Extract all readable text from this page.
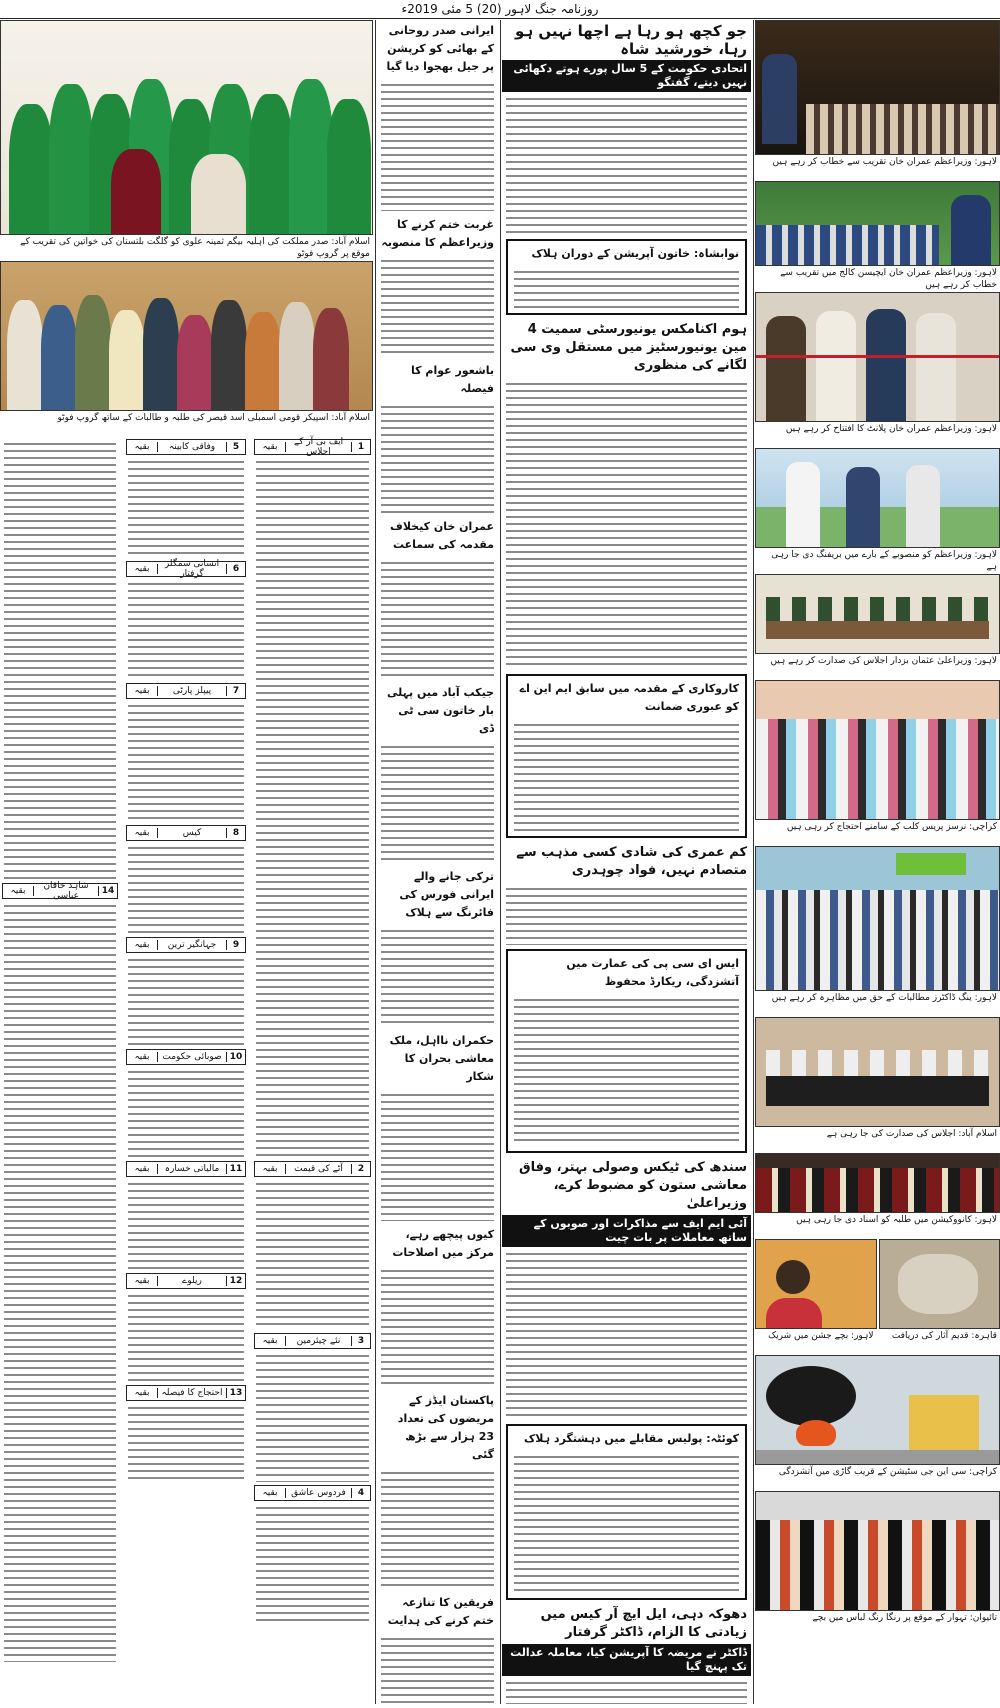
روزنامہ جنگ لاہور (20) 5 مئی 2019ء
اسلام آباد: صدر مملکت کی اہلیہ بیگم ثمینہ علوی کو گلگت بلتستان کی خواتین کی تقریب کے موقع پر گروپ فوٹو
اسلام آباد: اسپیکر قومی اسمبلی اسد قیصر کی طلبہ و طالبات کے ساتھ گروپ فوٹو
14
شاہد خاقان عباسی
بقیہ
5
وفاقی کابینہ
بقیہ
6
انسانی سمگلر گرفتار
بقیہ
7
پیپلز پارٹی
بقیہ
8
کیس
بقیہ
9
جہانگیر ترین
بقیہ
10
صوبائی حکومت
بقیہ
11
مالیاتی خسارہ
بقیہ
12
ریلوے
بقیہ
13
احتجاج کا فیصلہ
بقیہ
1
ایف بی آر کے اجلاس
بقیہ
2
آٹے کی قیمت
بقیہ
3
نئے چیئرمین
بقیہ
4
فردوس عاشق
بقیہ
ایرانی صدر روحانی کے بھائی کو کرپشن پر جیل بھجوا دیا گیا
غربت ختم کرنے کا وزیراعظم کا منصوبہ
باشعور عوام کا فیصلہ
عمران خان کیخلاف مقدمہ کی سماعت
جیکب آباد میں پہلی بار خاتون سی ٹی ڈی
ترکی جانے والے ایرانی فورس کی فائرنگ سے ہلاک
حکمران نااہل، ملک معاشی بحران کا شکار
کیوں پیچھے رہے، مرکز میں اصلاحات
پاکستان ایڈز کے مریضوں کی تعداد 23 ہزار سے بڑھ گئی
فریقین کا تنازعہ ختم کرنے کی ہدایت
جو کچھ ہو رہا ہے اچھا نہیں ہو رہا، خورشید شاہ
اتحادی حکومت کے 5 سال پورے ہوتے دکھائی نہیں دیتے، گفتگو
نوابشاہ: خاتون آپریشن کے دوران ہلاک
ہوم اکنامکس یونیورسٹی سمیت 4 مین یونیورسٹیز میں مستقل وی سی لگانے کی منظوری
کاروکاری کے مقدمہ میں سابق ایم این اے کو عبوری ضمانت
کم عمری کی شادی کسی مذہب سے متصادم نہیں، فواد چوہدری
ایس ای سی پی کی عمارت میں آتشزدگی، ریکارڈ محفوظ
سندھ کی ٹیکس وصولی بہتر، وفاق معاشی ستون کو مضبوط کرے، وزیراعلیٰ
آئی ایم ایف سے مذاکرات اور صوبوں کے ساتھ معاملات پر بات چیت
کوئٹہ: پولیس مقابلے میں دہشتگرد ہلاک
دھوکہ دہی، ایل ایچ آر کیس میں زیادتی کا الزام، ڈاکٹر گرفتار
ڈاکٹر نے مریضہ کا آپریشن کیا، معاملہ عدالت تک پہنچ گیا
لاہور: وزیراعظم عمران خان تقریب سے خطاب کر رہے ہیں
لاہور: وزیراعظم عمران خان ایچیسن کالج میں تقریب سے خطاب کر رہے ہیں
لاہور: وزیراعظم عمران خان پلانٹ کا افتتاح کر رہے ہیں
لاہور: وزیراعظم کو منصوبے کے بارے میں بریفنگ دی جا رہی ہے
لاہور: وزیراعلیٰ عثمان بزدار اجلاس کی صدارت کر رہے ہیں
کراچی: نرسز پریس کلب کے سامنے احتجاج کر رہی ہیں
لاہور: ینگ ڈاکٹرز مطالبات کے حق میں مظاہرہ کر رہے ہیں
اسلام آباد: اجلاس کی صدارت کی جا رہی ہے
لاہور: کانووکیشن میں طلبہ کو اسناد دی جا رہی ہیں
لاہور: بچے جشن میں شریک	قاہرہ: قدیم آثار کی دریافت
کراچی: سی این جی سٹیشن کے قریب گاڑی میں آتشزدگی
تائیوان: تہوار کے موقع پر رنگا رنگ لباس میں بچے
